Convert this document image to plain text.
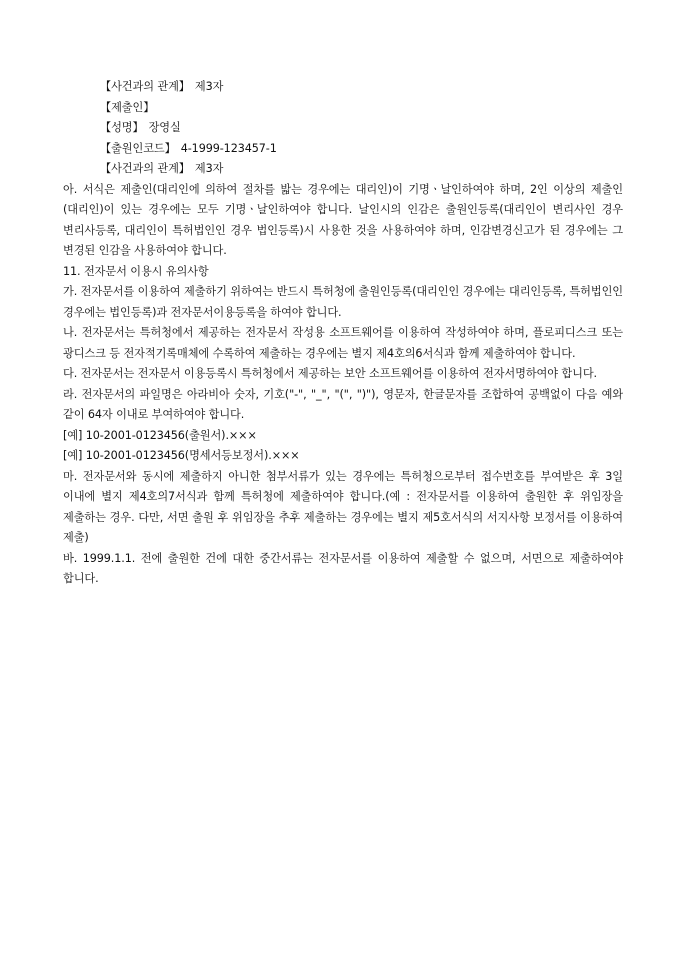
【사건과의 관계】 제3자
【제출인】
【성명】 장영실
【출원인코드】 4-1999-123457-1
【사건과의 관계】 제3자
아. 서식은 제출인(대리인에 의하여 절차를 밟는 경우에는 대리인)이 기명ㆍ날인하여야 하며, 2인 이상의 제출인(대리인)이 있는 경우에는 모두 기명ㆍ날인하여야 합니다. 날인시의 인감은 출원인등록(대리인이 변리사인 경우 변리사등록, 대리인이 특허법인인 경우 법인등록)시 사용한 것을 사용하여야 하며, 인감변경신고가 된 경우에는 그 변경된 인감을 사용하여야 합니다.
11. 전자문서 이용시 유의사항
가. 전자문서를 이용하여 제출하기 위하여는 반드시 특허청에 출원인등록(대리인인 경우에는 대리인등록, 특허법인인 경우에는 법인등록)과 전자문서이용등록을 하여야 합니다.
나. 전자문서는 특허청에서 제공하는 전자문서 작성용 소프트웨어를 이용하여 작성하여야 하며, 플로피디스크 또는 광디스크 등 전자적기록매체에 수록하여 제출하는 경우에는 별지 제4호의6서식과 함께 제출하여야 합니다.
다. 전자문서는 전자문서 이용등록시 특허청에서 제공하는 보안 소프트웨어를 이용하여 전자서명하여야 합니다.
라. 전자문서의 파일명은 아라비아 숫자, 기호("-", "_", "(", ")"), 영문자, 한글문자를 조합하여 공백없이 다음 예와 같이 64자 이내로 부여하여야 합니다.
[예] 10-2001-0123456(출원서).×××
[예] 10-2001-0123456(명세서등보정서).×××
마. 전자문서와 동시에 제출하지 아니한 첨부서류가 있는 경우에는 특허청으로부터 접수번호를 부여받은 후 3일 이내에 별지 제4호의7서식과 함께 특허청에 제출하여야 합니다.(예 : 전자문서를 이용하여 출원한 후 위임장을 제출하는 경우. 다만, 서면 출원 후 위임장을 추후 제출하는 경우에는 별지 제5호서식의 서지사항 보정서를 이용하여 제출)
바. 1999.1.1. 전에 출원한 건에 대한 중간서류는 전자문서를 이용하여 제출할 수 없으며, 서면으로 제출하여야 합니다.
